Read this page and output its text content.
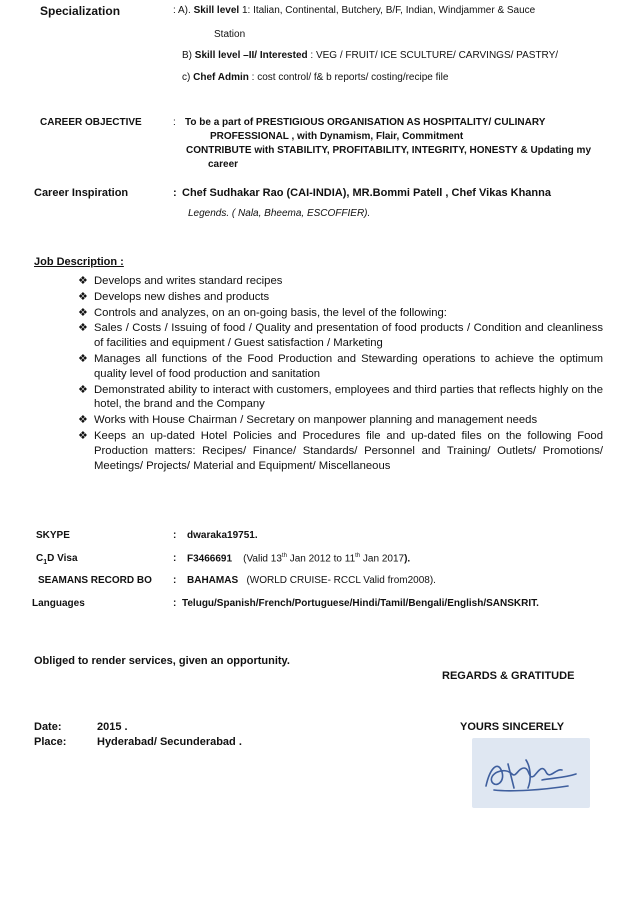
Specialization	: A). Skill level 1: Italian, Continental, Butchery, B/F, Indian, Windjammer & Sauce
Station
B) Skill level –II/ Interested : VEG / FRUIT/ ICE SCULTURE/ CARVINGS/ PASTRY/
c) Chef Admin : cost control/ f& b reports/ costing/recipe file
CAREER OBJECTIVE	: To be a part of PRESTIGIOUS ORGANISATION AS HOSPITALITY/ CULINARY
PROFESSIONAL , with Dynamism, Flair, Commitment
CONTRIBUTE with STABILITY, PROFITABILITY, INTEGRITY, HONESTY & Updating my
career
Career Inspiration	: Chef Sudhakar Rao (CAI-INDIA), MR.Bommi Patell , Chef Vikas Khanna
Legends. ( Nala, Bheema, ESCOFFIER).
Job Description :
❖ Develops and writes standard recipes
❖ Develops new dishes and products
❖ Controls and analyzes, on an on-going basis, the level of the following:
❖ Sales / Costs / Issuing of food / Quality and presentation of food products / Condition and cleanliness of facilities and equipment / Guest satisfaction / Marketing
❖ Manages all functions of the Food Production and Stewarding operations to achieve the optimum quality level of food production and sanitation
❖ Demonstrated ability to interact with customers, employees and third parties that reflects highly on the hotel, the brand and the Company
❖ Works with House Chairman / Secretary on manpower planning and management needs
❖ Keeps an up-dated Hotel Policies and Procedures file and up-dated files on the following Food Production matters: Recipes/ Finance/ Standards/ Personnel and Training/ Outlets/ Promotions/ Meetings/ Projects/ Material and Equipment/ Miscellaneous
SKYPE	: dwaraka19751.
$C_1D$ Visa	: F3466691 (Valid 13th Jan 2012 to 11th Jan 2017).
SEAMANS RECORD BO : BAHAMAS (WORLD CRUISE- RCCL Valid from2008).
Languages	: Telugu/Spanish/French/Portuguese/Hindi/Tamil/Bengali/English/SANSKRIT.
Obliged to render services, given an opportunity.
REGARDS & GRATITUDE
Date:	2015 .
Place:	Hyderabad/ Secunderabad .
YOURS SINCERELY
